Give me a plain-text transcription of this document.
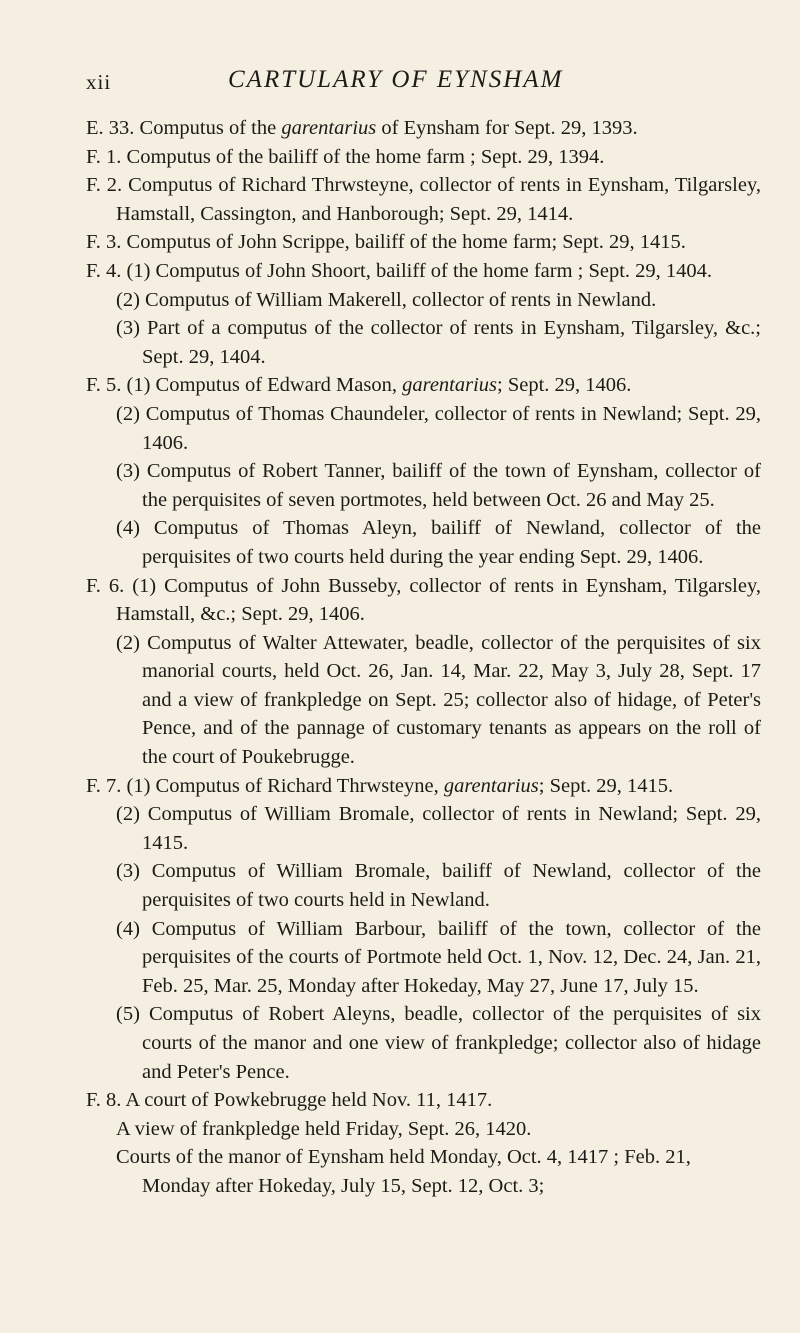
xii	CARTULARY OF EYNSHAM
E. 33. Computus of the garentarius of Eynsham for Sept. 29, 1393.
F. 1. Computus of the bailiff of the home farm ; Sept. 29, 1394.
F. 2. Computus of Richard Thrwsteyne, collector of rents in Eynsham, Tilgarsley, Hamstall, Cassington, and Hanborough; Sept. 29, 1414.
F. 3. Computus of John Scrippe, bailiff of the home farm; Sept. 29, 1415.
F. 4. (1) Computus of John Shoort, bailiff of the home farm ; Sept. 29, 1404.
(2) Computus of William Makerell, collector of rents in Newland.
(3) Part of a computus of the collector of rents in Eynsham, Tilgarsley, &c.; Sept. 29, 1404.
F. 5. (1) Computus of Edward Mason, garentarius; Sept. 29, 1406.
(2) Computus of Thomas Chaundeler, collector of rents in Newland; Sept. 29, 1406.
(3) Computus of Robert Tanner, bailiff of the town of Eynsham, collector of the perquisites of seven portmotes, held between Oct. 26 and May 25.
(4) Computus of Thomas Aleyn, bailiff of Newland, collector of the perquisites of two courts held during the year ending Sept. 29, 1406.
F. 6. (1) Computus of John Busseby, collector of rents in Eynsham, Tilgarsley, Hamstall, &c.; Sept. 29, 1406.
(2) Computus of Walter Attewater, beadle, collector of the perquisites of six manorial courts, held Oct. 26, Jan. 14, Mar. 22, May 3, July 28, Sept. 17 and a view of frankpledge on Sept. 25; collector also of hidage, of Peter's Pence, and of the pannage of customary tenants as appears on the roll of the court of Poukebrugge.
F. 7. (1) Computus of Richard Thrwsteyne, garentarius; Sept. 29, 1415.
(2) Computus of William Bromale, collector of rents in Newland; Sept. 29, 1415.
(3) Computus of William Bromale, bailiff of Newland, collector of the perquisites of two courts held in Newland.
(4) Computus of William Barbour, bailiff of the town, collector of the perquisites of the courts of Portmote held Oct. 1, Nov. 12, Dec. 24, Jan. 21, Feb. 25, Mar. 25, Monday after Hokeday, May 27, June 17, July 15.
(5) Computus of Robert Aleyns, beadle, collector of the perquisites of six courts of the manor and one view of frankpledge; collector also of hidage and Peter's Pence.
F. 8. A court of Powkebrugge held Nov. 11, 1417.
A view of frankpledge held Friday, Sept. 26, 1420.
Courts of the manor of Eynsham held Monday, Oct. 4, 1417 ; Feb. 21, Monday after Hokeday, July 15, Sept. 12, Oct. 3;
